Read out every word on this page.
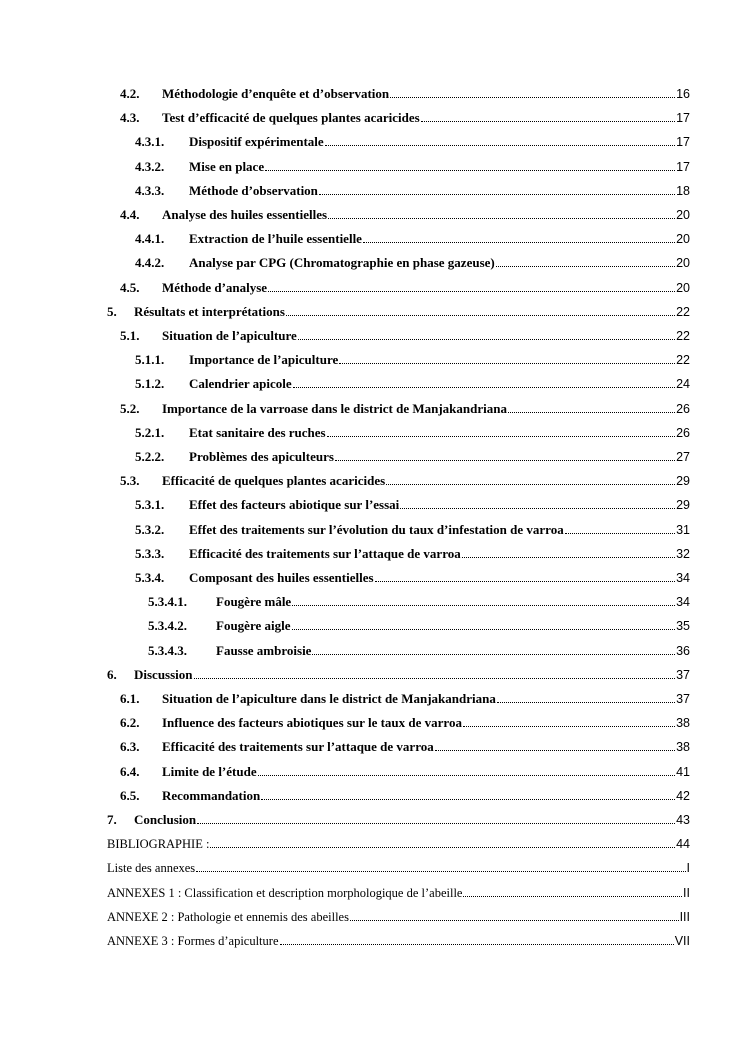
4.2.	Méthodologie d’enquête et d’observation	16
4.3.	Test d’efficacité de quelques plantes acaricides	17
4.3.1.	Dispositif expérimentale	17
4.3.2.	Mise en place	17
4.3.3.	Méthode d’observation	18
4.4.	Analyse des huiles essentielles	20
4.4.1.	Extraction de l’huile essentielle	20
4.4.2.	Analyse par CPG (Chromatographie en phase gazeuse)	20
4.5.	Méthode d’analyse	20
5.	Résultats et interprétations	22
5.1.	Situation de l’apiculture	22
5.1.1.	Importance de l’apiculture	22
5.1.2.	Calendrier apicole	24
5.2.	Importance de la varroase dans le district de Manjakandriana	26
5.2.1.	Etat sanitaire des ruches	26
5.2.2.	Problèmes des apiculteurs	27
5.3.	Efficacité de quelques plantes acaricides	29
5.3.1.	Effet des facteurs abiotique sur l’essai	29
5.3.2.	Effet des traitements sur l’évolution du taux d’infestation de varroa	31
5.3.3.	Efficacité des traitements sur l’attaque de varroa	32
5.3.4.	Composant des huiles essentielles	34
5.3.4.1.	Fougère mâle	34
5.3.4.2.	Fougère aigle	35
5.3.4.3.	Fausse ambroisie	36
6.	Discussion	37
6.1.	Situation de l’apiculture dans le district de Manjakandriana	37
6.2.	Influence des facteurs abiotiques sur le taux de varroa	38
6.3.	Efficacité des traitements sur l’attaque de varroa	38
6.4.	Limite de l’étude	41
6.5.	Recommandation	42
7.	Conclusion	43
BIBLIOGRAPHIE :	44
Liste des annexes	I
ANNEXES 1 : Classification et description morphologique de l’abeille	II
ANNEXE 2 : Pathologie et ennemis des abeilles	III
ANNEXE 3 : Formes d’apiculture	VII
